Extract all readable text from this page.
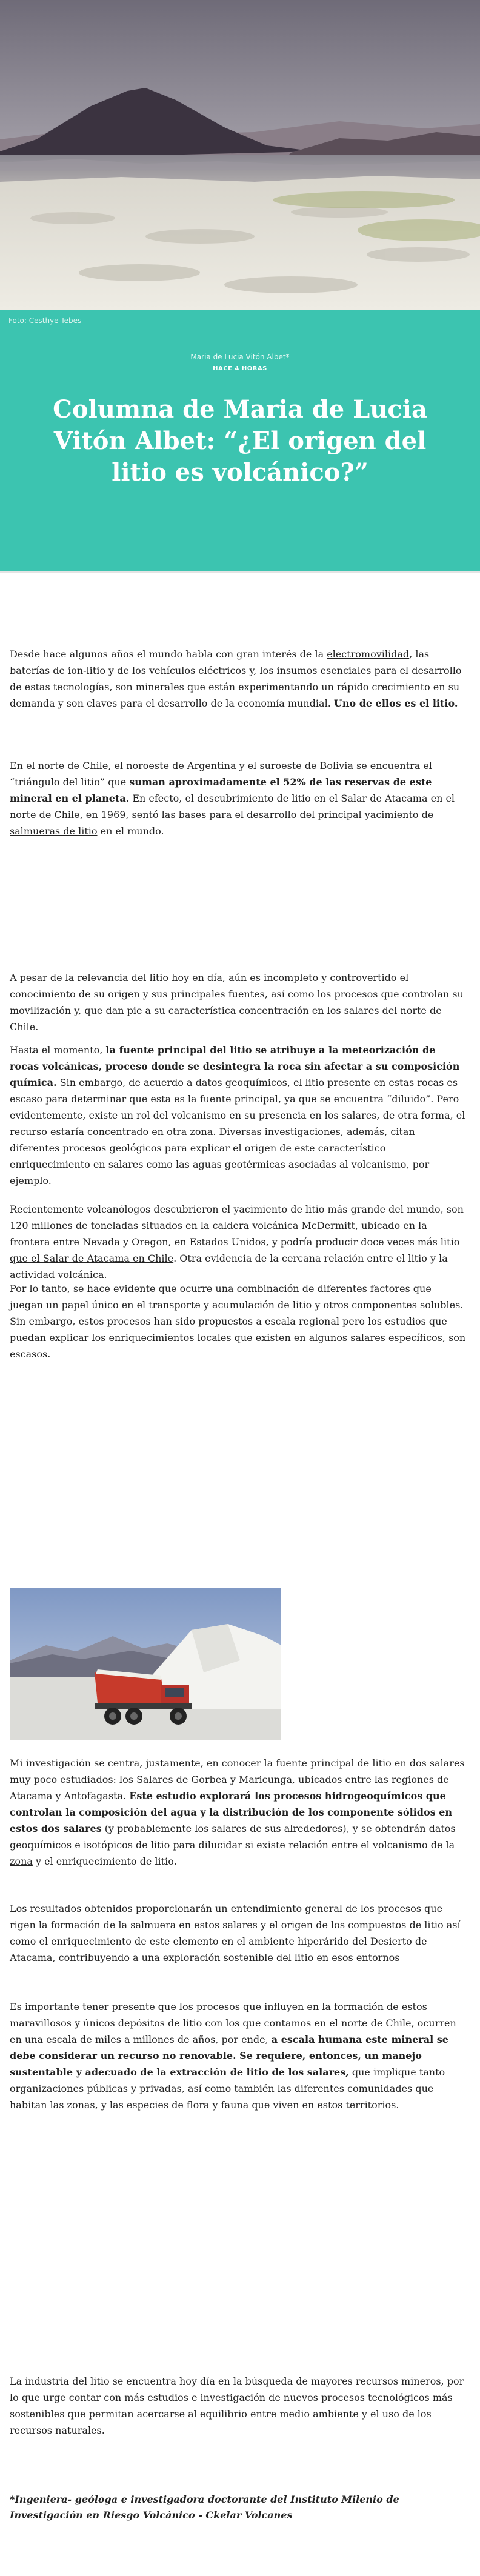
Foto: Cesthye Tebes
Maria de Lucia Vitón Albet*
HACE 4 HORAS
Columna de Maria de Lucia Vitón Albet: “¿El origen del litio es volcánico?”

Desde hace algunos años el mundo habla con gran interés de la electromovilidad, las baterías de ion-litio y de los vehículos eléctricos y, los insumos esenciales para el desarrollo de estas tecnologías, son minerales que están experimentando un rápido crecimiento en su demanda y son claves para el desarrollo de la economía mundial. Uno de ellos es el litio.

En el norte de Chile, el noroeste de Argentina y el suroeste de Bolivia se encuentra el “triángulo del litio” que suman aproximadamente el 52% de las reservas de este mineral en el planeta. En efecto, el descubrimiento de litio en el Salar de Atacama en el norte de Chile, en 1969, sentó las bases para el desarrollo del principal yacimiento de salmueras de litio en el mundo.

A pesar de la relevancia del litio hoy en día, aún es incompleto y controvertido el conocimiento de su origen y sus principales fuentes, así como los procesos que controlan su movilización y, que dan pie a su característica concentración en los salares del norte de Chile.

Hasta el momento, la fuente principal del litio se atribuye a la meteorización de rocas volcánicas, proceso donde se desintegra la roca sin afectar a su composición química. Sin embargo, de acuerdo a datos geoquímicos, el litio presente en estas rocas es escaso para determinar que esta es la fuente principal, ya que se encuentra “diluido”. Pero evidentemente, existe un rol del volcanismo en su presencia en los salares, de otra forma, el recurso estaría concentrado en otra zona. Diversas investigaciones, además, citan diferentes procesos geológicos para explicar el origen de este característico enriquecimiento en salares como las aguas geotérmicas asociadas al volcanismo, por ejemplo.

Recientemente volcanólogos descubrieron el yacimiento de litio más grande del mundo, son 120 millones de toneladas situados en la caldera volcánica McDermitt, ubicado en la frontera entre Nevada y Oregon, en Estados Unidos, y podría producir doce veces más litio que el Salar de Atacama en Chile. Otra evidencia de la cercana relación entre el litio y la actividad volcánica.

Por lo tanto, se hace evidente que ocurre una combinación de diferentes factores que juegan un papel único en el transporte y acumulación de litio y otros componentes solubles. Sin embargo, estos procesos han sido propuestos a escala regional pero los estudios que puedan explicar los enriquecimientos locales que existen en algunos salares específicos, son escasos.

Mi investigación se centra, justamente, en conocer la fuente principal de litio en dos salares muy poco estudiados: los Salares de Gorbea y Maricunga, ubicados entre las regiones de Atacama y Antofagasta. Este estudio explorará los procesos hidrogeoquímicos que controlan la composición del agua y la distribución de los componente sólidos en estos dos salares (y probablemente los salares de sus alrededores), y se obtendrán datos geoquímicos e isotópicos de litio para dilucidar si existe relación entre el volcanismo de la zona y el enriquecimiento de litio.

Los resultados obtenidos proporcionarán un entendimiento general de los procesos que rigen la formación de la salmuera en estos salares y el origen de los compuestos de litio así como el enriquecimiento de este elemento en el ambiente hiperárido del Desierto de Atacama, contribuyendo a una exploración sostenible del litio en esos entornos

Es importante tener presente que los procesos que influyen en la formación de estos maravillosos y únicos depósitos de litio con los que contamos en el norte de Chile, ocurren en una escala de miles a millones de años, por ende, a escala humana este mineral se debe considerar un recurso no renovable. Se requiere, entonces, un manejo sustentable y adecuado de la extracción de litio de los salares, que implique tanto organizaciones públicas y privadas, así como también las diferentes comunidades que habitan las zonas, y las especies de flora y fauna que viven en estos territorios.

La industria del litio se encuentra hoy día en la búsqueda de mayores recursos mineros, por lo que urge contar con más estudios e investigación de nuevos procesos tecnológicos más sostenibles que permitan acercarse al equilibrio entre medio ambiente y el uso de los recursos naturales.

*Ingeniera- geóloga e investigadora doctorante del Instituto Milenio de Investigación en Riesgo Volcánico - Ckelar Volcanes
